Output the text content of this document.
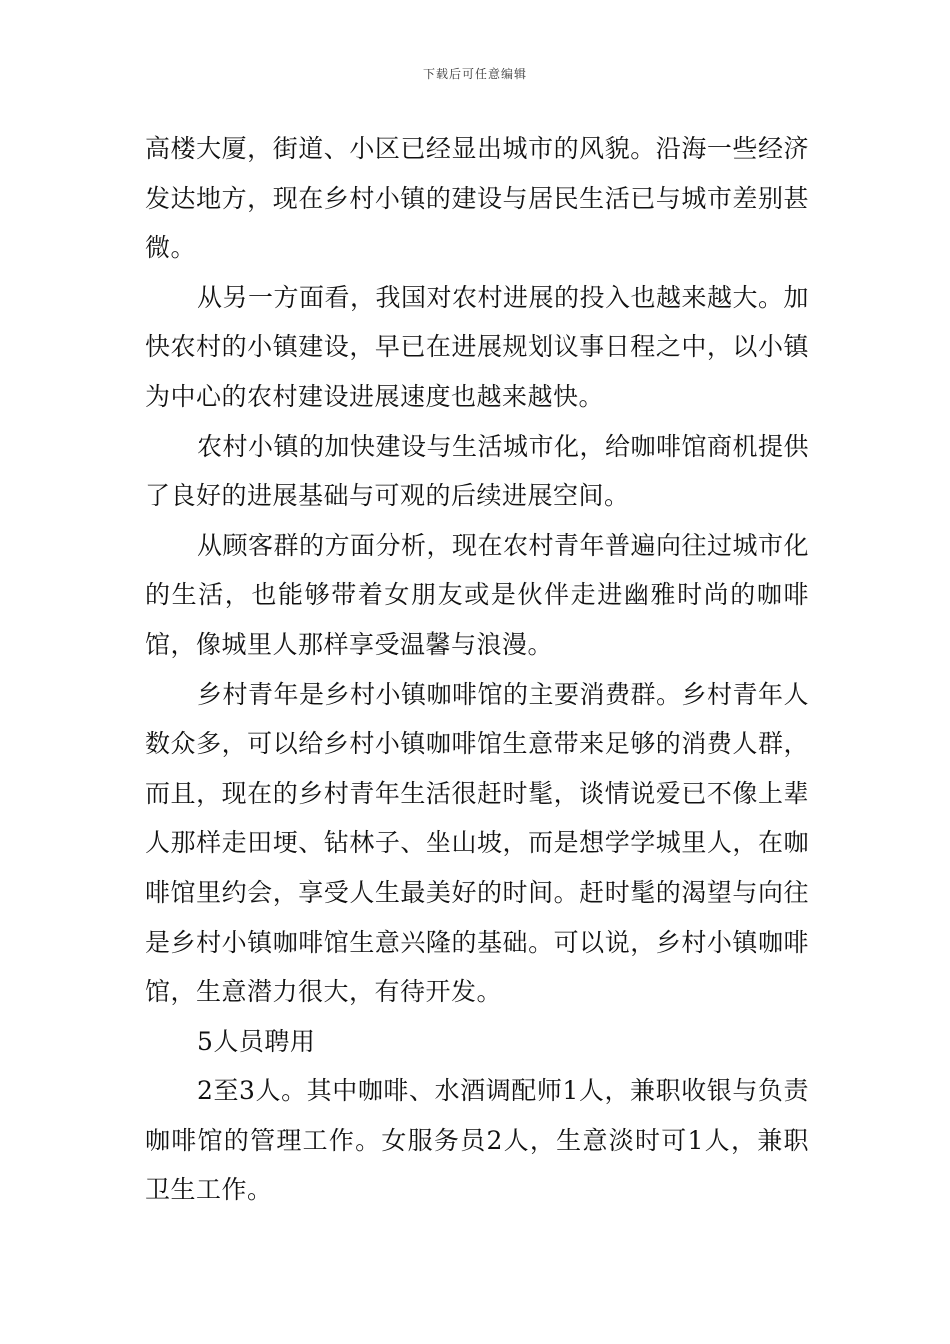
下载后可任意编辑

高楼大厦，街道、小区已经显出城市的风貌。沿海一些经济发达地方，现在乡村小镇的建设与居民生活已与城市差别甚微。

从另一方面看，我国对农村进展的投入也越来越大。加快农村的小镇建设，早已在进展规划议事日程之中，以小镇为中心的农村建设进展速度也越来越快。

农村小镇的加快建设与生活城市化，给咖啡馆商机提供了良好的进展基础与可观的后续进展空间。

从顾客群的方面分析，现在农村青年普遍向往过城市化的生活，也能够带着女朋友或是伙伴走进幽雅时尚的咖啡馆，像城里人那样享受温馨与浪漫。

乡村青年是乡村小镇咖啡馆的主要消费群。乡村青年人数众多，可以给乡村小镇咖啡馆生意带来足够的消费人群，而且，现在的乡村青年生活很赶时髦，谈情说爱已不像上辈人那样走田埂、钻林子、坐山坡，而是想学学城里人，在咖啡馆里约会，享受人生最美好的时间。赶时髦的渴望与向往是乡村小镇咖啡馆生意兴隆的基础。可以说，乡村小镇咖啡馆，生意潜力很大，有待开发。

5人员聘用

2至3人。其中咖啡、水酒调配师1人，兼职收银与负责咖啡馆的管理工作。女服务员2人，生意淡时可1人，兼职卫生工作。
